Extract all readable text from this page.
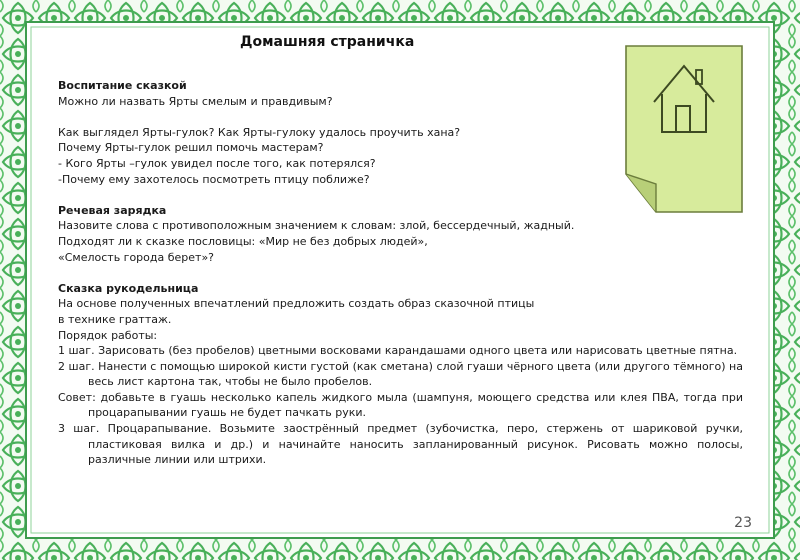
Домашняя страничка

Воспитание сказкой

Можно ли назвать Ярты смелым и правдивым?

Как выглядел Ярты-гулок? Как Ярты-гулоку удалось проучить хана?

Почему Ярты-гулок решил помочь мастерам?

- Кого Ярты –гулок увидел после того, как потерялся?

-Почему ему захотелось посмотреть птицу поближе?

Речевая зарядка

Назовите слова с противоположным значением к словам: злой, бессердечный, жадный.

Подходят ли к сказке пословицы: «Мир не без добрых людей»,

«Смелость города берет»?

Сказка рукодельница

На основе полученных впечатлений предложить создать образ сказочной птицы

в технике граттаж.

Порядок работы:

1 шаг. Зарисовать (без пробелов) цветными восковами карандашами одного цвета или нарисовать цветные пятна.

2 шаг. Нанести с помощью широкой кисти густой (как сметана) слой гуаши чёрного цвета (или другого тёмного) на весь лист картона так, чтобы не было пробелов.

Совет: добавьте в гуашь несколько капель жидкого мыла (шампуня, моющего средства или клея ПВА, тогда при процарапывании гуашь не будет пачкать руки.

3 шаг. Процарапывание. Возьмите заострённый предмет (зубочистка, перо, стержень от шариковой ручки, пластиковая вилка и др.) и начинайте наносить запланированный рисунок. Рисовать можно полосы, различные линии или штрихи.

23
